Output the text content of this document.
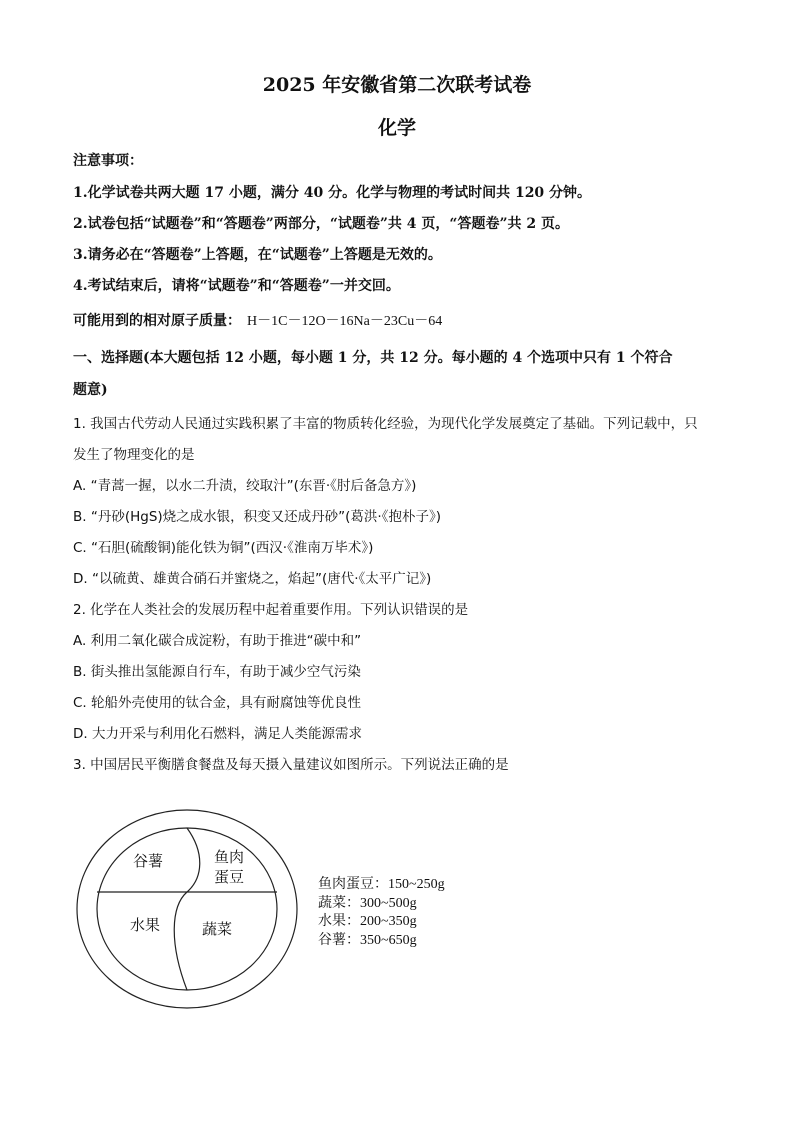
2025 年安徽省第二次联考试卷
化学
注意事项：
1.化学试卷共两大题 17 小题，满分 40 分。化学与物理的考试时间共 120 分钟。
2.试卷包括“试题卷”和“答题卷”两部分，“试题卷”共 4 页，“答题卷”共 2 页。
3.请务必在“答题卷”上答题，在“试题卷”上答题是无效的。
4.考试结束后，请将“试题卷”和“答题卷”一并交回。
可能用到的相对原子质量： H－1C－12O－16Na－23Cu－64
一、选择题(本大题包括 12 小题，每小题 1 分，共 12 分。每小题的 4 个选项中只有 1 个符合
题意)
1. 我国古代劳动人民通过实践积累了丰富的物质转化经验，为现代化学发展奠定了基础。下列记载中，只
发生了物理变化的是
A. “青蒿一握，以水二升渍，绞取汁”(东晋·《肘后备急方》)
B. “丹砂(HgS)烧之成水银，积变又还成丹砂”(葛洪·《抱朴子》)
C. “石胆(硫酸铜)能化铁为铜”(西汉·《淮南万毕术》)
D. “以硫黄、雄黄合硝石并蜜烧之，焰起”(唐代·《太平广记》)
2. 化学在人类社会的发展历程中起着重要作用。下列认识错误的是
A. 利用二氧化碳合成淀粉，有助于推进“碳中和”
B. 街头推出氢能源自行车，有助于减少空气污染
C. 轮船外壳使用的钛合金，具有耐腐蚀等优良性
D. 大力开采与利用化石燃料，满足人类能源需求
3. 中国居民平衡膳食餐盘及每天摄入量建议如图所示。下列说法正确的是
谷薯	鱼肉
蛋豆
水果	蔬菜
鱼肉蛋豆：150~250g
蔬菜：300~500g
水果：200~350g
谷薯：350~650g
